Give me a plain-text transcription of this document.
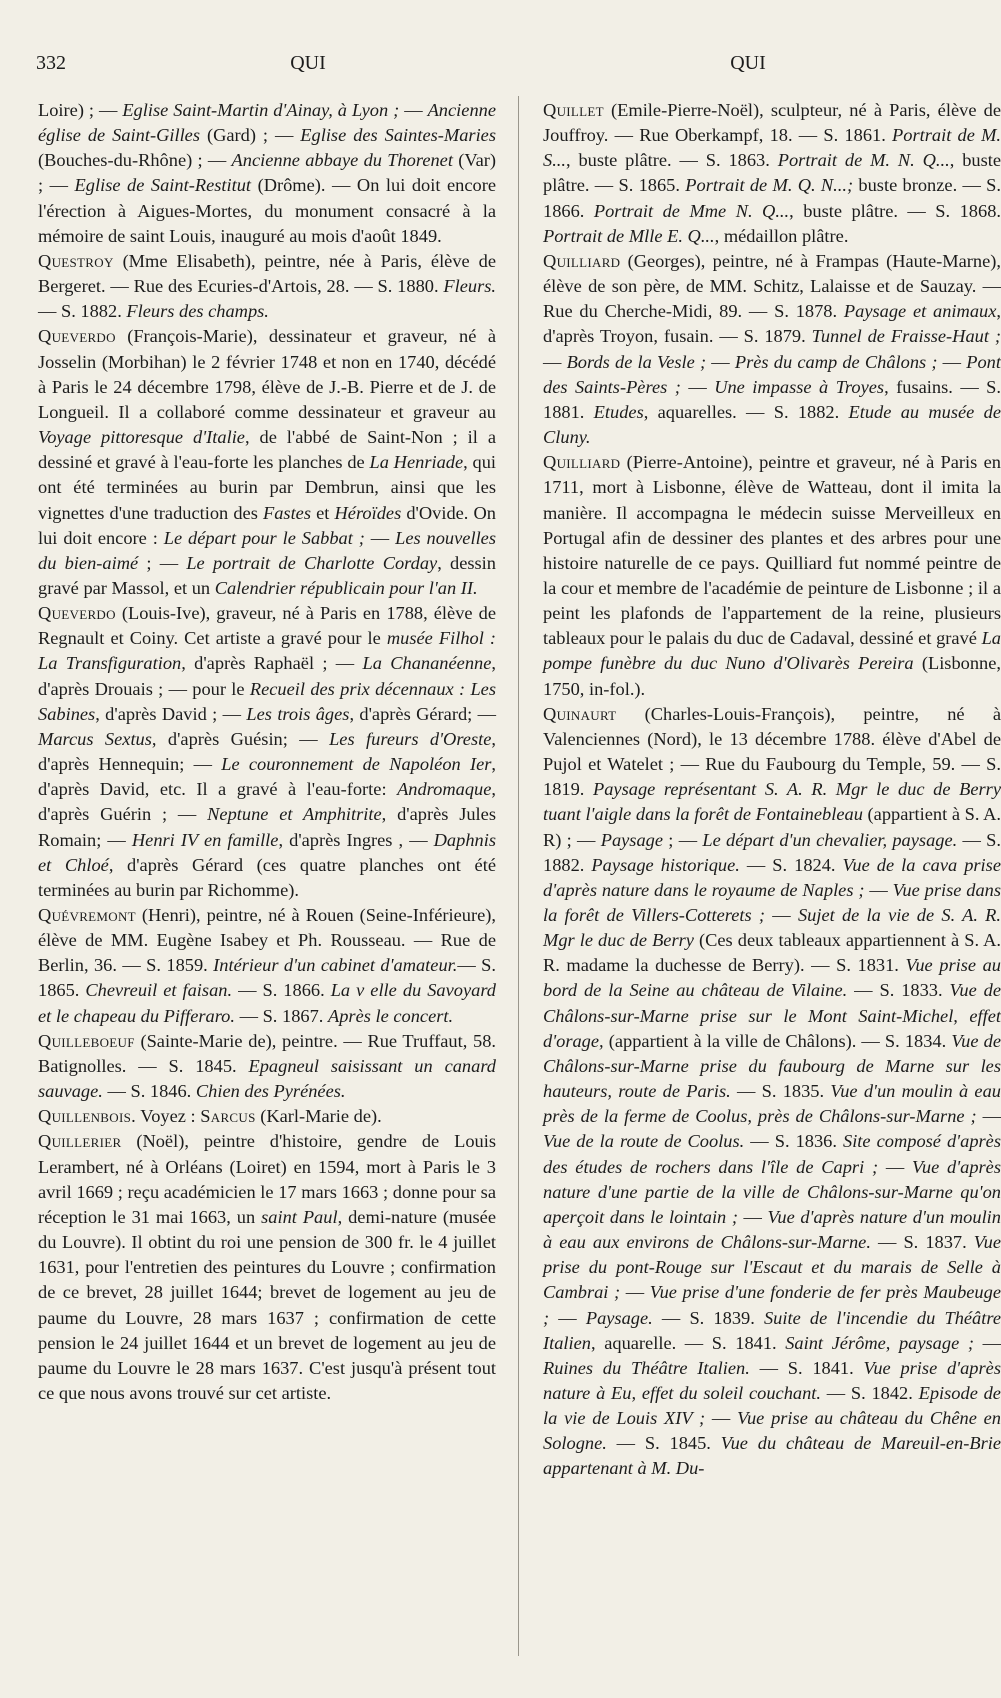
332	QUI	QUI

Loire) ; — Eglise Saint-Martin d'Ainay, à Lyon ; — Ancienne église de Saint-Gilles (Gard) ; — Eglise des Saintes-Maries (Bouches-du-Rhône) ; — Ancienne abbaye du Thorenet (Var) ; — Eglise de Saint-Restitut (Drôme). — On lui doit encore l'érection à Aigues-Mortes, du monument consacré à la mémoire de saint Louis, inauguré au mois d'août 1849.

Questroy (Mme Elisabeth), peintre, née à Paris, élève de Bergeret. — Rue des Ecuries-d'Artois, 28. — S. 1880. Fleurs. — S. 1882. Fleurs des champs.

Queverdo (François-Marie), dessinateur et graveur, né à Josselin (Morbihan) le 2 février 1748 et non en 1740, décédé à Paris le 24 décembre 1798, élève de J.-B. Pierre et de J. de Longueil. Il a collaboré comme dessinateur et graveur au Voyage pittoresque d'Italie, de l'abbé de Saint-Non ; il a dessiné et gravé à l'eau-forte les planches de La Henriade, qui ont été terminées au burin par Dembrun, ainsi que les vignettes d'une traduction des Fastes et Héroïdes d'Ovide. On lui doit encore : Le départ pour le Sabbat ; — Les nouvelles du bien-aimé ; — Le portrait de Charlotte Corday, dessin gravé par Massol, et un Calendrier républicain pour l'an II.

Queverdo (Louis-Ive), graveur, né à Paris en 1788, élève de Regnault et Coiny. Cet artiste a gravé pour le musée Filhol : La Transfiguration, d'après Raphaël ; — La Chananéenne, d'après Drouais ; — pour le Recueil des prix décennaux : Les Sabines, d'après David ; — Les trois âges, d'après Gérard; — Marcus Sextus, d'après Guésin; — Les fureurs d'Oreste, d'après Hennequin; — Le couronnement de Napoléon Ier, d'après David, etc. Il a gravé à l'eau-forte: Andromaque, d'après Guérin ; — Neptune et Amphitrite, d'après Jules Romain; — Henri IV en famille, d'après Ingres , — Daphnis et Chloé, d'après Gérard (ces quatre planches ont été terminées au burin par Richomme).

Quévremont (Henri), peintre, né à Rouen (Seine-Inférieure), élève de MM. Eugène Isabey et Ph. Rousseau. — Rue de Berlin, 36. — S. 1859. Intérieur d'un cabinet d'amateur.— S. 1865. Chevreuil et faisan. — S. 1866. La v elle du Savoyard et le chapeau du Pifferaro. — S. 1867. Après le concert.

Quilleboeuf (Sainte-Marie de), peintre. — Rue Truffaut, 58. Batignolles. — S. 1845. Epagneul saisissant un canard sauvage. — S. 1846. Chien des Pyrénées.

Quillenbois. Voyez : Sarcus (Karl-Marie de).

Quillerier (Noël), peintre d'histoire, gendre de Louis Lerambert, né à Orléans (Loiret) en 1594, mort à Paris le 3 avril 1669 ; reçu académicien le 17 mars 1663 ; donne pour sa réception le 31 mai 1663, un saint Paul, demi-nature (musée du Louvre). Il obtint du roi une pension de 300 fr. le 4 juillet 1631, pour l'entretien des peintures du Louvre ; confirmation de ce brevet, 28 juillet 1644; brevet de logement au jeu de paume du Louvre, 28 mars 1637 ; confirmation de cette pension le 24 juillet 1644 et un brevet de logement au jeu de paume du Louvre le 28 mars 1637. C'est jusqu'à présent tout ce que nous avons trouvé sur cet artiste.

Quillet (Emile-Pierre-Noël), sculpteur, né à Paris, élève de Jouffroy. — Rue Oberkampf, 18. — S. 1861. Portrait de M. S..., buste plâtre. — S. 1863. Portrait de M. N. Q..., buste plâtre. — S. 1865. Portrait de M. Q. N...; buste bronze. — S. 1866. Portrait de Mme N. Q..., buste plâtre. — S. 1868. Portrait de Mlle E. Q..., médaillon plâtre.

Quilliard (Georges), peintre, né à Frampas (Haute-Marne), élève de son père, de MM. Schitz, Lalaisse et de Sauzay. — Rue du Cherche-Midi, 89. — S. 1878. Paysage et animaux, d'après Troyon, fusain. — S. 1879. Tunnel de Fraisse-Haut ; — Bords de la Vesle ; — Près du camp de Châlons ; — Pont des Saints-Pères ; — Une impasse à Troyes, fusains. — S. 1881. Etudes, aquarelles. — S. 1882. Etude au musée de Cluny.

Quilliard (Pierre-Antoine), peintre et graveur, né à Paris en 1711, mort à Lisbonne, élève de Watteau, dont il imita la manière. Il accompagna le médecin suisse Merveilleux en Portugal afin de dessiner des plantes et des arbres pour une histoire naturelle de ce pays. Quilliard fut nommé peintre de la cour et membre de l'académie de peinture de Lisbonne ; il a peint les plafonds de l'appartement de la reine, plusieurs tableaux pour le palais du duc de Cadaval, dessiné et gravé La pompe funèbre du duc Nuno d'Olivarès Pereira (Lisbonne, 1750, in-fol.).

Quinaurt (Charles-Louis-François), peintre, né à Valenciennes (Nord), le 13 décembre 1788. élève d'Abel de Pujol et Watelet ; — Rue du Faubourg du Temple, 59. — S. 1819. Paysage représentant S. A. R. Mgr le duc de Berry tuant l'aigle dans la forêt de Fontainebleau (appartient à S. A. R) ; — Paysage ; — Le départ d'un chevalier, paysage. — S. 1882. Paysage historique. — S. 1824. Vue de la cava prise d'après nature dans le royaume de Naples ; — Vue prise dans la forêt de Villers-Cotterets ; — Sujet de la vie de S. A. R. Mgr le duc de Berry (Ces deux tableaux appartiennent à S. A. R. madame la duchesse de Berry). — S. 1831. Vue prise au bord de la Seine au château de Vilaine. — S. 1833. Vue de Châlons-sur-Marne prise sur le Mont Saint-Michel, effet d'orage, (appartient à la ville de Châlons). — S. 1834. Vue de Châlons-sur-Marne prise du faubourg de Marne sur les hauteurs, route de Paris. — S. 1835. Vue d'un moulin à eau près de la ferme de Coolus, près de Châlons-sur-Marne ; — Vue de la route de Coolus. — S. 1836. Site composé d'après des études de rochers dans l'île de Capri ; — Vue d'après nature d'une partie de la ville de Châlons-sur-Marne qu'on aperçoit dans le lointain ; — Vue d'après nature d'un moulin à eau aux environs de Châlons-sur-Marne. — S. 1837. Vue prise du pont-Rouge sur l'Escaut et du marais de Selle à Cambrai ; — Vue prise d'une fonderie de fer près Maubeuge ; — Paysage. — S. 1839. Suite de l'incendie du Théâtre Italien, aquarelle. — S. 1841. Saint Jérôme, paysage ; — Ruines du Théâtre Italien. — S. 1841. Vue prise d'après nature à Eu, effet du soleil couchant. — S. 1842. Episode de la vie de Louis XIV ; — Vue prise au château du Chêne en Sologne. — S. 1845. Vue du château de Mareuil-en-Brie appartenant à M. Du-
